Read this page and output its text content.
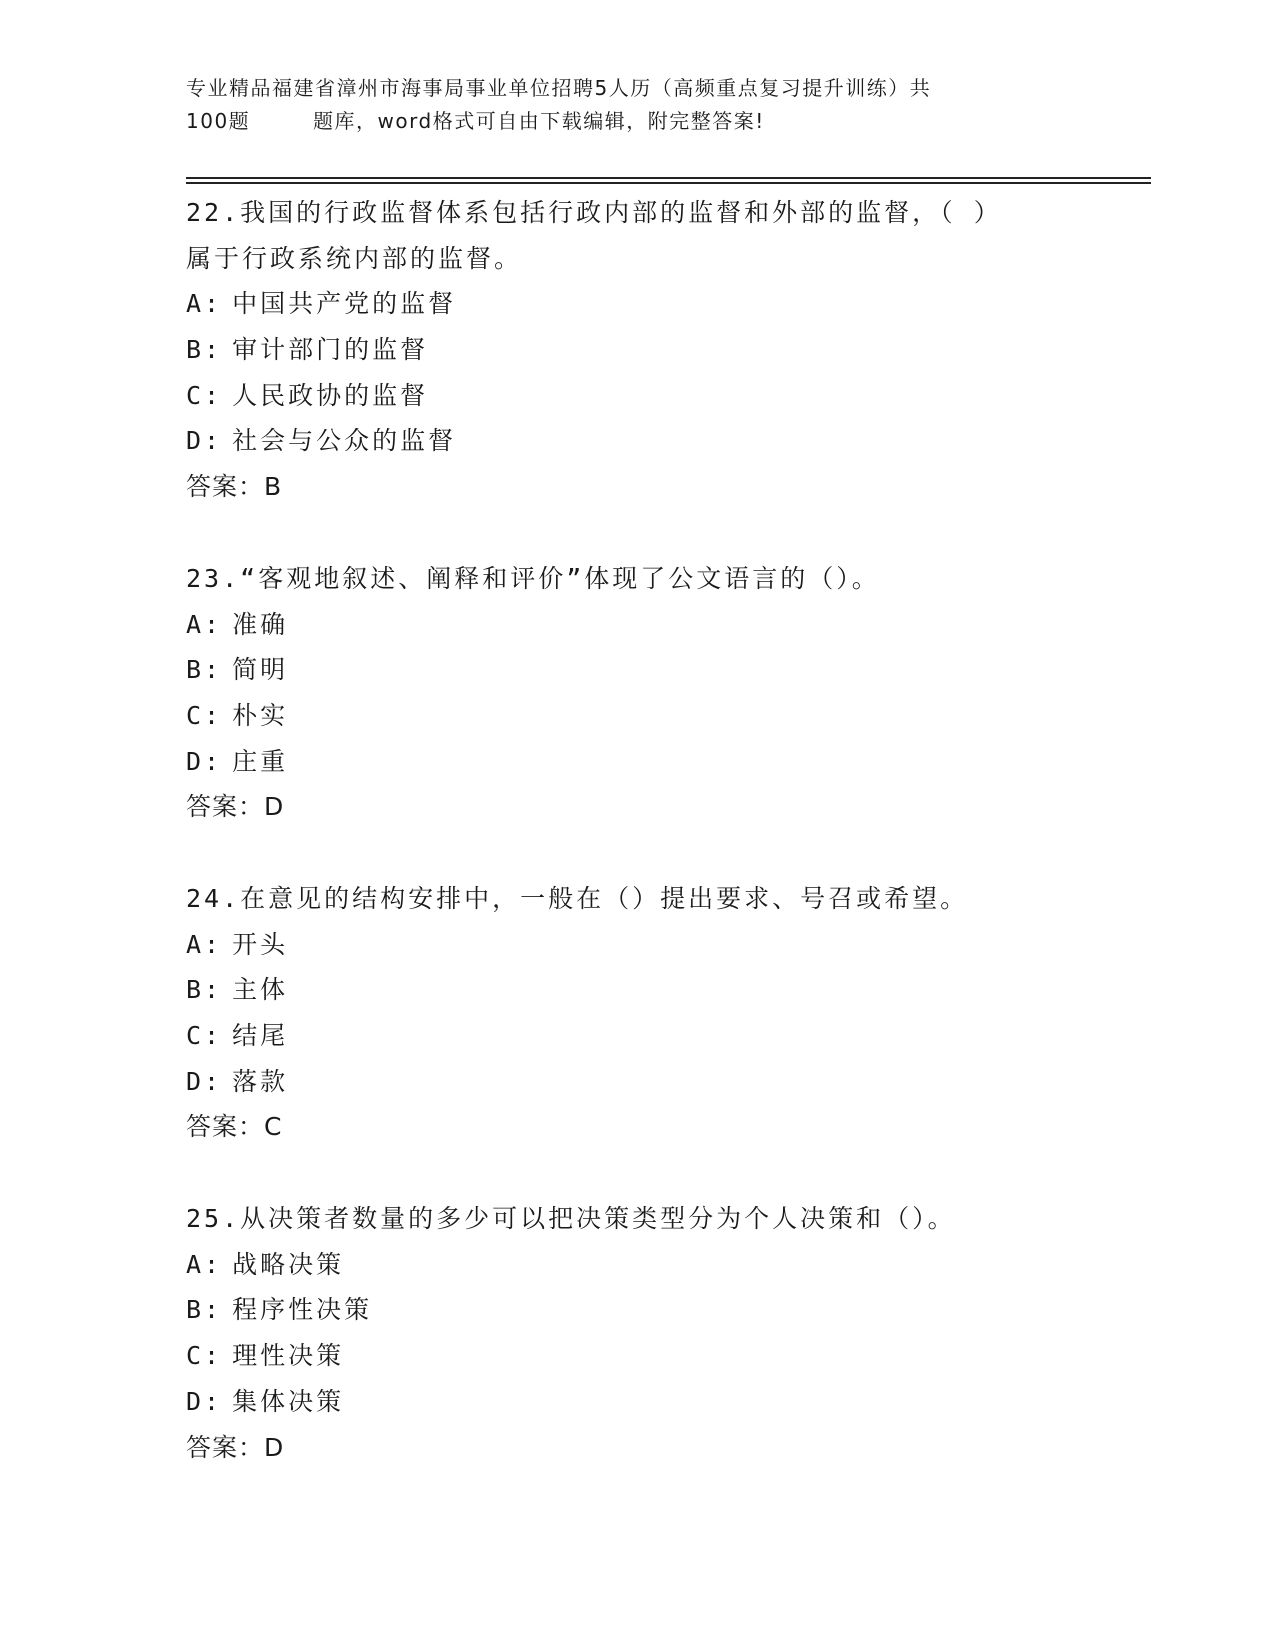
专业精品福建省漳州市海事局事业单位招聘5人历（高频重点复习提升训练）共
100题        题库，word格式可自由下载编辑，附完整答案!
22.我国的行政监督体系包括行政内部的监督和外部的监督，（ ）
属于行政系统内部的监督。
A: 中国共产党的监督
B: 审计部门的监督
C: 人民政协的监督
D: 社会与公众的监督
答案：B
23.“客观地叙述、阐释和评价”体现了公文语言的（）。
A: 准确
B: 简明
C: 朴实
D: 庄重
答案：D
24.在意见的结构安排中，一般在（）提出要求、号召或希望。
A: 开头
B: 主体
C: 结尾
D: 落款
答案：C
25.从决策者数量的多少可以把决策类型分为个人决策和（）。
A: 战略决策
B: 程序性决策
C: 理性决策
D: 集体决策
答案：D
